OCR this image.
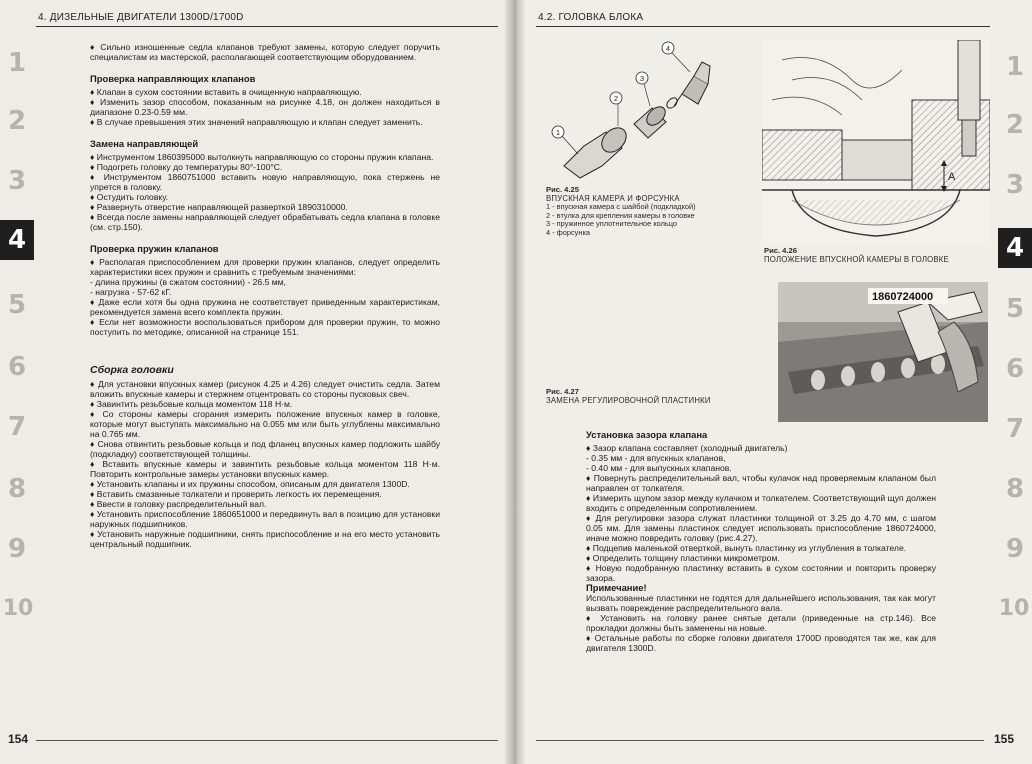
4. ДИЗЕЛЬНЫЕ ДВИГАТЕЛИ 1300D/1700D
1
2
3
4
5
6
7
8
9
10

♦ Сильно изношенные седла клапанов требуют замены, которую следует поручить специалистам из мастерской, располагающей соответствующим оборудованием.

Проверка направляющих клапанов

♦ Клапан в сухом состоянии вставить в очищенную направляющую.

♦ Изменить зазор способом, показанным на рисунке 4.18, он должен находиться в диапазоне 0.23-0.59 мм.

♦ В случае превышения этих значений направляющую и клапан следует заменить.

Замена направляющей

♦ Инструментом 1860395000 вытолкнуть направляющую со стороны пружин клапана.

♦ Подогреть головку до температуры 80°-100°С.

♦ Инструментом 1860751000 вставить новую направляющую, пока стержень не упрется в головку.

♦ Остудить головку.

♦ Развернуть отверстие направляющей разверткой 1890310000.

♦ Всегда после замены направляющей следует обрабатывать седла клапана в головке (см. стр.150).

Проверка пружин клапанов

♦ Располагая приспособлением для проверки пружин клапанов, следует определить характеристики всех пружин и сравнить с требуемым значениями:

- длина пружины (в сжатом состоянии) - 26.5 мм,

- нагрузка - 57-62 кГ.

♦ Даже если хотя бы одна пружина не соответствует приведенным характеристикам, рекомендуется замена всего комплекта пружин.

♦ Если нет возможности воспользоваться прибором для проверки пружин, то можно поступить по методике, описанной на странице 151.

Сборка головки

♦ Для установки впускных камер (рисунок 4.25 и 4.26) следует очистить седла. Затем вложить впускные камеры и стержнем отцентровать со стороны пусковых свеч.

♦ Завинтить резьбовые кольца моментом 118 Н·м.

♦ Со стороны камеры сгорания измерить положение впускных камер в головке, которые могут выступать максимально на 0.055 мм или быть углублены максимально на 0.765 мм.

♦ Снова отвинтить резьбовые кольца и под фланец впускных камер подложить шайбу (подкладку) соответствующей толщины.

♦ Вставить впускные камеры и завинтить резьбовые кольца моментом 118 Н·м. Повторить контрольные замеры установки впускных камер.

♦ Установить клапаны и их пружины способом, описаным для двигателя 1300D.

♦ Вставить смазанные толкатели и проверить легкость их перемещения.

♦ Ввести в головку распределительный вал.

♦ Установить приспособление 1860651000 и передвинуть вал в позицию для установки наружных подшипников.

♦ Установить наружные подшипники, снять приспособление и на его место установить центральный подшипник.

154
4.2. ГОЛОВКА БЛОКА
1
2
3
4
5
6
7
8
9
10
1
2
3
4
Рис. 4.25
ВПУСКНАЯ КАМЕРА И ФОРСУНКА
1 - впускная камера с шайбой (подкладкой)
2 - втулка для крепления камеры в головке
3 - пружинное уплотнительное кольцо
4 - форсунка
A
Рис. 4.26
ПОЛОЖЕНИЕ ВПУСКНОЙ КАМЕРЫ В ГОЛОВКЕ
1860724000
Рис. 4.27
ЗАМЕНА РЕГУЛИРОВОЧНОЙ ПЛАСТИНКИ
Установка зазора клапана

♦ Зазор клапана составляет (холодный двигатель)

- 0.35 мм - для впускных клапанов,

- 0.40 мм - для выпускных клапанов.

♦ Повернуть распределительный вал, чтобы кулачок над проверяемым клапаном был направлен от толкателя.

♦ Измерить щупом зазор между кулачком и толкателем. Соответствующий щуп должен входить с определенным сопротивлением.

♦ Для регулировки зазора служат пластинки толщиной от 3.25 до 4.70 мм, с шагом 0.05 мм. Для замены пластинок следует использовать приспособление 1860724000, иначе можно повредить головку (рис.4.27).

♦ Подцепив маленькой отверткой, вынуть пластинку из углубления в толкателе.

♦ Определить толщину пластинки микрометром.

♦ Новую подобранную пластинку вставить в сухом состоянии и повторить проверку зазора.

Примечание!

Использованные пластинки не годятся для дальнейшего использования, так как могут вызвать повреждение распределительного вала.

♦ Установить на головку ранее снятые детали (приведенные на стр.146). Все прокладки должны быть заменены на новые.

♦ Остальные работы по сборке головки двигателя 1700D проводятся так же, как для двигателя 1300D.

155
